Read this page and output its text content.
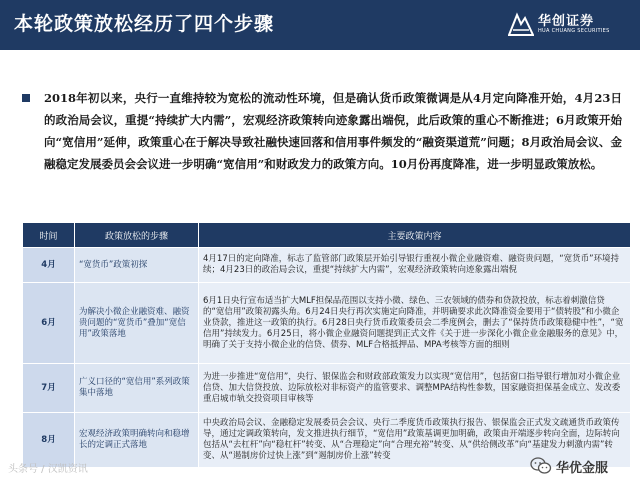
本轮政策放松经历了四个步骤	华创证券
HUA CHUANG SECURITIES

2018年初以来，央行一直维持较为宽松的流动性环境，但是确认货币政策微调是从4月定向降准开始，4月23日的政治局会议，重提“持续扩大内需”，宏观经济政策转向迹象露出端倪，此后政策的重心不断推进；6月政策开始向“宽信用”延伸，政策重心在于解决导致社融快速回落和信用事件频发的“融资渠道荒”问题；8月政治局会议、金融稳定发展委员会会议进一步明确“宽信用”和财政发力的政策方向。10月份再度降准，进一步明显政策放松。

时间	政策放松的步骤	主要政策内容
4月	“宽货币”政策初探	4月17日的定向降准，标志了监管部门政策层开始引导银行重视小微企业融资难、融资贵问题，“宽货币”环境持续；4月23日的政治局会议，重提“持续扩大内需”，宏观经济政策转向迹象露出端倪
6月	为解决小微企业融资难、融资贵问题的“宽货币”叠加“宽信用”政策落地	6月1日央行宣布适当扩大MLF担保品范围以支持小微、绿色、三农领域的债券和贷款投放，标志着刺激信贷的“宽信用”政策初露头角。6月24日央行再次实施定向降准，并明确要求此次降准资金要用于“债转股”和小微企业贷款，推进这一政策的执行。6月28日央行货币政策委员会二季度例会，删去了“保持货币政策稳健中性”，“宽信用”持续发力。6月25日，将小微企业融资问题提到正式文件《关于进一步深化小微企业金融服务的意见》中，明确了关于支持小微企业的信贷、债券、MLF合格抵押品、MPA考核等方面的细则
7月	广义口径的“宽信用”系列政策集中落地	为进一步推进“宽信用”，央行、银保监会和财政部政策发力以实现“宽信用”，包括窗口指导银行增加对小微企业信贷、加大信贷投放、边际放松对非标资产的监管要求、调整MPA结构性参数，国家融资担保基金成立、发改委重启城市轨交投资项目审核等
8月	宏观经济政策明确转向和稳增长的定调正式落地	中央政治局会议、金融稳定发展委员会会议、央行二季度货币政策执行报告、银保监会正式发文疏通货币政策传导，通过定调政策转向，发文推进执行细节，“宽信用”政策基调更加明确，政策由开端逐步转向全面，边际转向包括从“去杠杆”向“稳杠杆”转变、从“合理稳定”向“合理充裕”转变、从“供给侧改革”向“基建发力刺激内需”转变、从“遏制房价过快上涨”到“遏制房价上涨”转变
头条号 / 汉凯资讯	华优金服
